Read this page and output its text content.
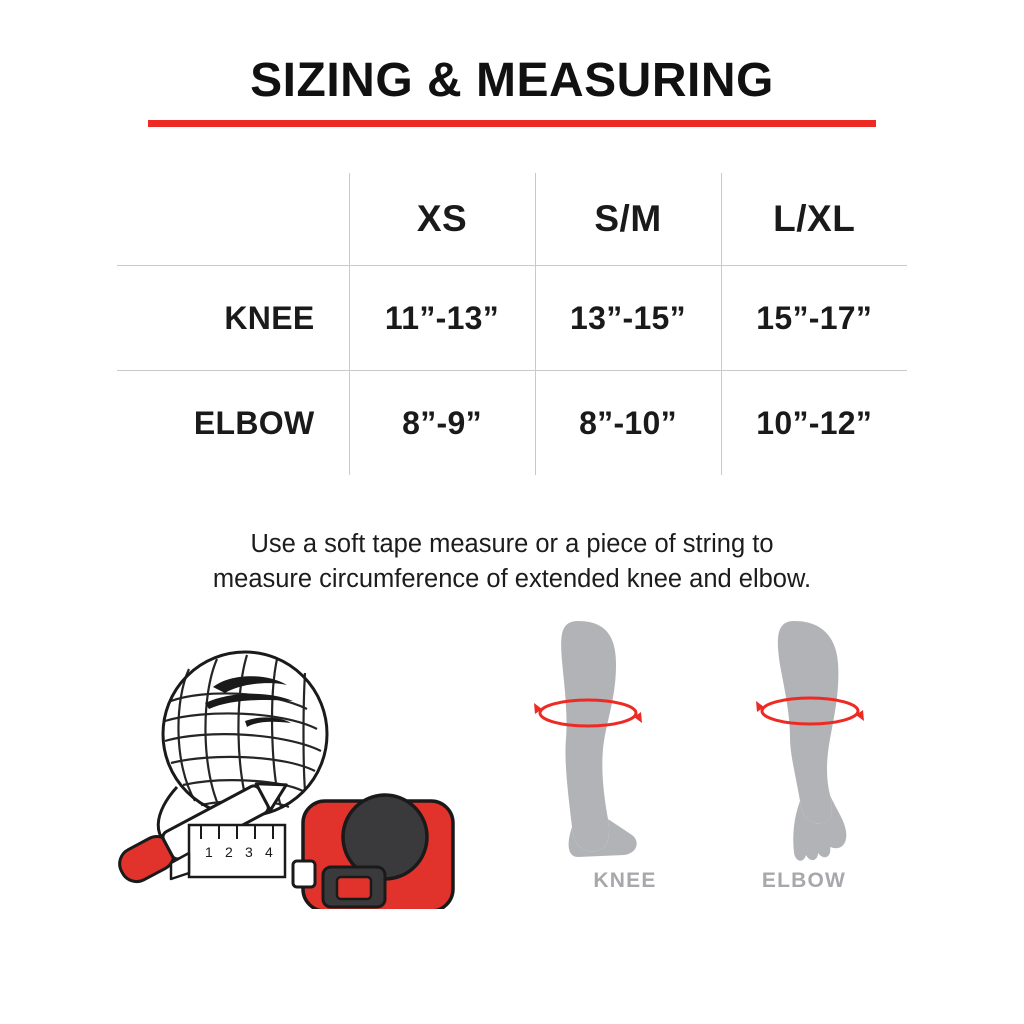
SIZING & MEASURING
	XS	S/M	L/XL
KNEE	11”-13”	13”-15”	15”-17”
ELBOW	8”-9”	8”-10”	10”-12”
Use a soft tape measure or a piece of string to
measure circumference of extended knee and elbow.
1 2 3 4
KNEE	ELBOW
